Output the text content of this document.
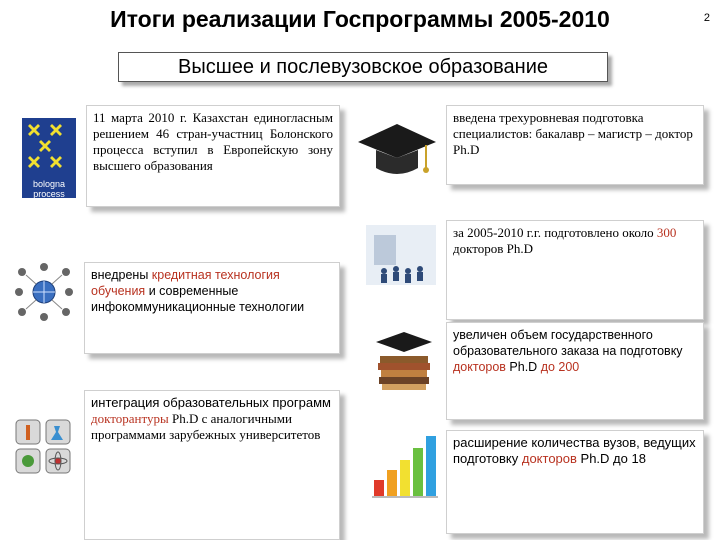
Итоги реализации Госпрограммы 2005-2010	2
Высшее и послевузовское образование
bologna
process
11 марта 2010 г. Казахстан единогласным решением 46 стран-участниц Болонского процесса вступил в Европейскую зону высшего образования
внедрены кредитная технология обучения и современные инфокоммуникационные технологии
интеграция образовательных программ докторантуры Ph.D с аналогичными программами зарубежных университетов
введена трехуровневая подготовка специалистов: бакалавр – магистр – доктор Ph.D
за 2005-2010 г.г. подготовлено около 300 докторов Ph.D
увеличен объем государственного образовательного заказа на подготовку докторов Ph.D до 200
расширение количества вузов, ведущих подготовку докторов Ph.D до 18
